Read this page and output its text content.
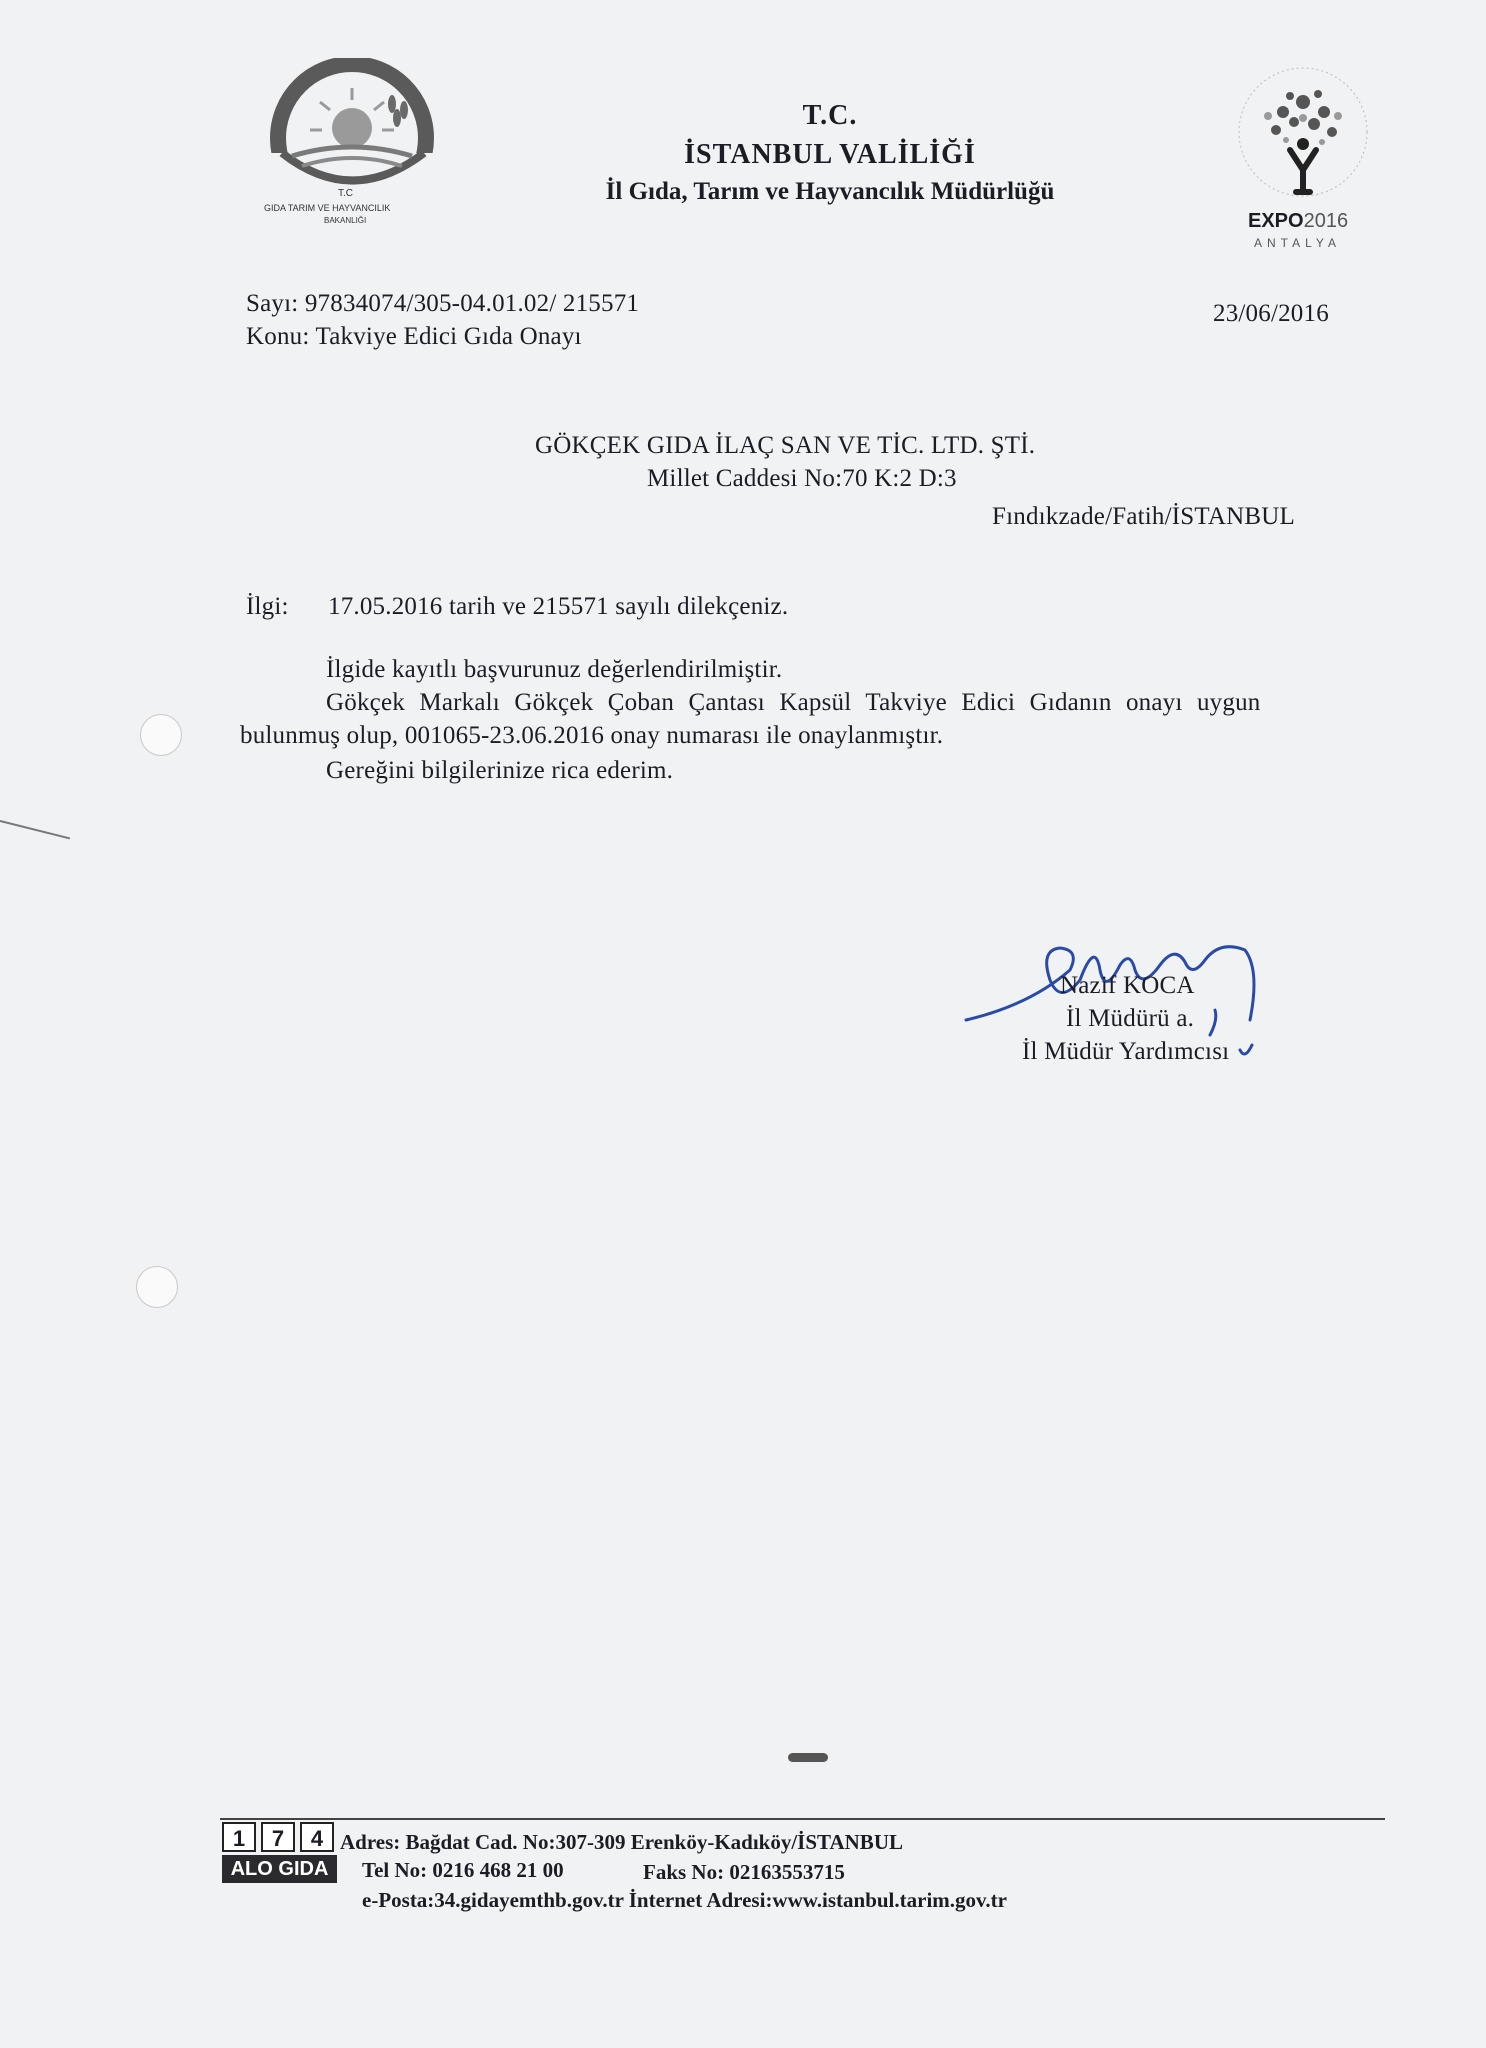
T.C
GIDA TARIM VE HAYVANCILIK
BAKANLIĞI
T.C.
İSTANBUL VALİLİĞİ
İl Gıda, Tarım ve Hayvancılık Müdürlüğü
EXPO2016
ANTALYA
Sayı: 97834074/305-04.01.02/ 215571
Konu: Takviye Edici Gıda Onayı
23/06/2016
GÖKÇEK GIDA İLAÇ SAN VE TİC. LTD. ŞTİ.
Millet Caddesi No:70 K:2 D:3
Fındıkzade/Fatih/İSTANBUL
İlgi: 17.05.2016 tarih ve 215571 sayılı dilekçeniz.
İlgide kayıtlı başvurunuz değerlendirilmiştir.
Gökçek Markalı Gökçek Çoban Çantası Kapsül Takviye Edici Gıdanın onayı uygun
bulunmuş olup, 001065-23.06.2016 onay numarası ile onaylanmıştır.
Gereğini bilgilerinize rica ederim.
Nazif KOCA
İl Müdürü a.
İl Müdür Yardımcısı
1	7	4
ALO GIDA
Adres: Bağdat Cad. No:307-309 Erenköy-Kadıköy/İSTANBUL
Tel No: 0216 468 21 00	Faks No: 02163553715
e-Posta:34.gidayemthb.gov.tr İnternet Adresi:www.istanbul.tarim.gov.tr
